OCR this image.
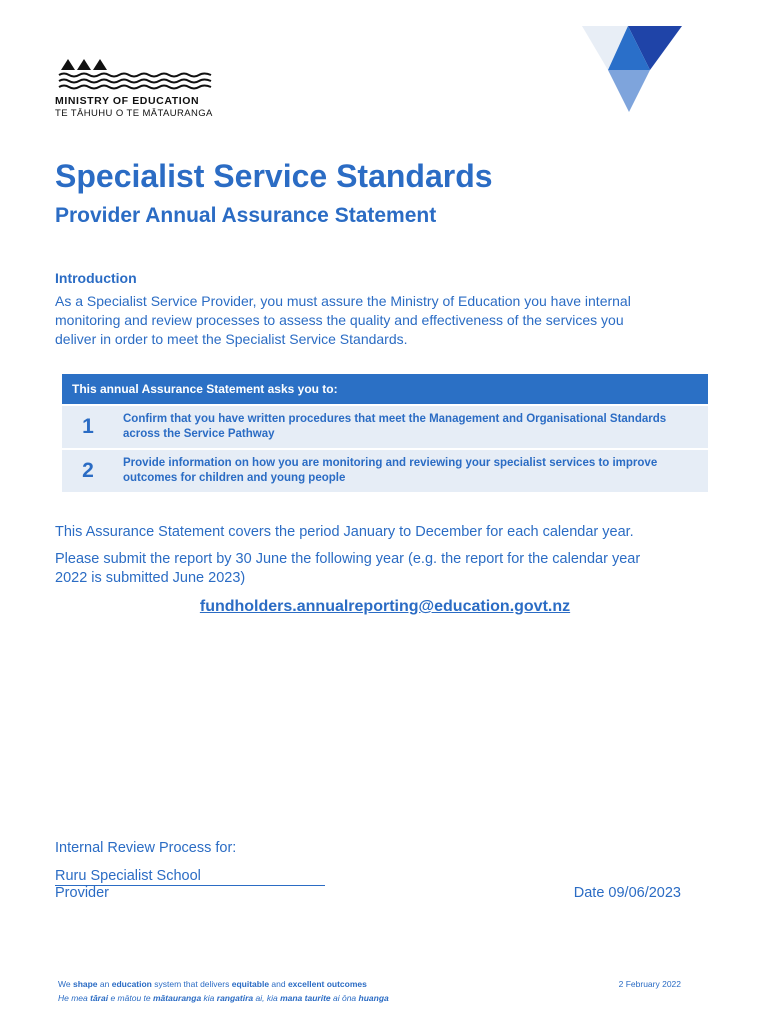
MINISTRY OF EDUCATION
TE TĀHUHU O TE MĀTAURANGA
Specialist Service Standards
Provider Annual Assurance Statement
Introduction

As a Specialist Service Provider, you must assure the Ministry of Education you have internal monitoring and review processes to assess the quality and effectiveness of the services you deliver in order to meet the Specialist Service Standards.

This annual Assurance Statement asks you to:
1	Confirm that you have written procedures that meet the Management and Organisational Standards across the Service Pathway
2	Provide information on how you are monitoring and reviewing your specialist services to improve outcomes for children and young people

This Assurance Statement covers the period January to December for each calendar year.

Please submit the report by 30 June the following year (e.g. the report for the calendar year 2022 is submitted June 2023)

fundholders.annualreporting@education.govt.nz

Internal Review Process for:

Ruru Specialist School

Provider	Date 09/06/2023

We shape an education system that delivers equitable and excellent outcomes

He mea tārai e mātou te mātauranga kia rangatira ai, kia mana taurite ai ōna huanga

2 February 2022
